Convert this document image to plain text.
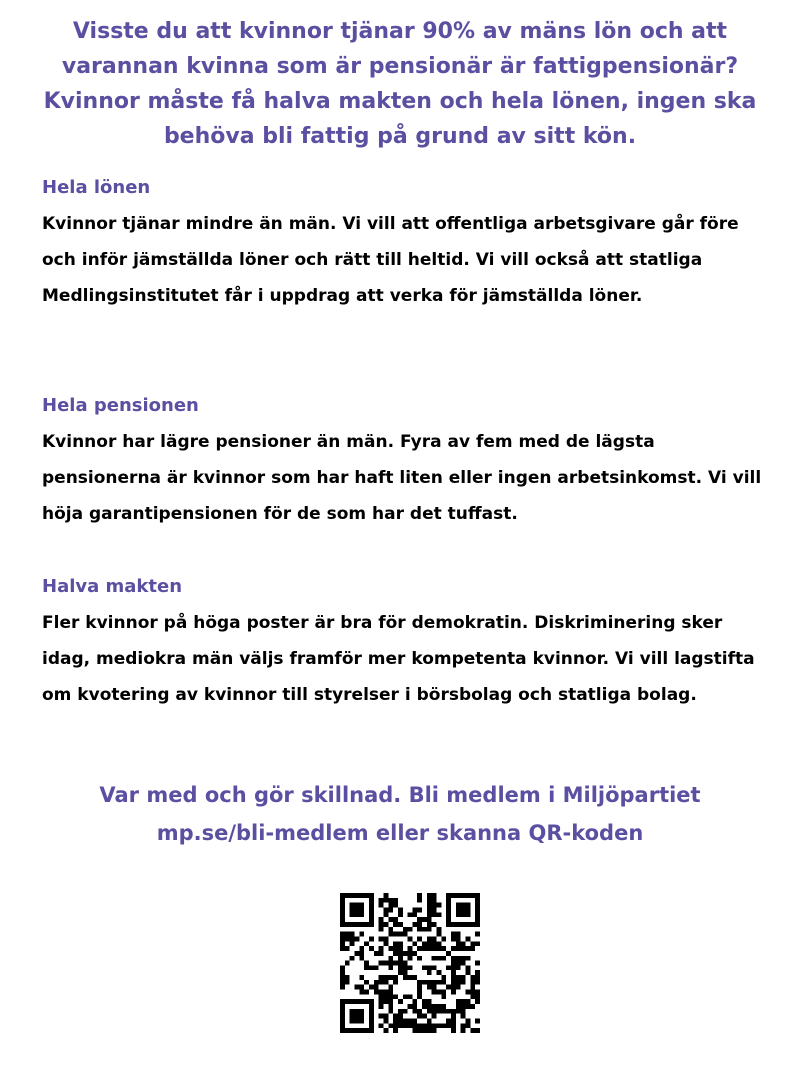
Visste du att kvinnor tjänar 90% av mäns lön och att varannan kvinna som är pensionär är fattigpensionär? Kvinnor måste få halva makten och hela lönen, ingen ska behöva bli fattig på grund av sitt kön.

Hela lönen

Kvinnor tjänar mindre än män. Vi vill att offentliga arbetsgivare går före och inför jämställda löner och rätt till heltid. Vi vill också att statliga Medlingsinstitutet får i uppdrag att verka för jämställda löner.

Hela pensionen

Kvinnor har lägre pensioner än män. Fyra av fem med de lägsta pensionerna är kvinnor som har haft liten eller ingen arbetsinkomst. Vi vill höja garantipensionen för de som har det tuffast.

Halva makten

Fler kvinnor på höga poster är bra för demokratin. Diskriminering sker idag, mediokra män väljs framför mer kompetenta kvinnor. Vi vill lagstifta om kvotering av kvinnor till styrelser i börsbolag och statliga bolag.

Var med och gör skillnad. Bli medlem i Miljöpartiet
mp.se/bli-medlem eller skanna QR-koden
